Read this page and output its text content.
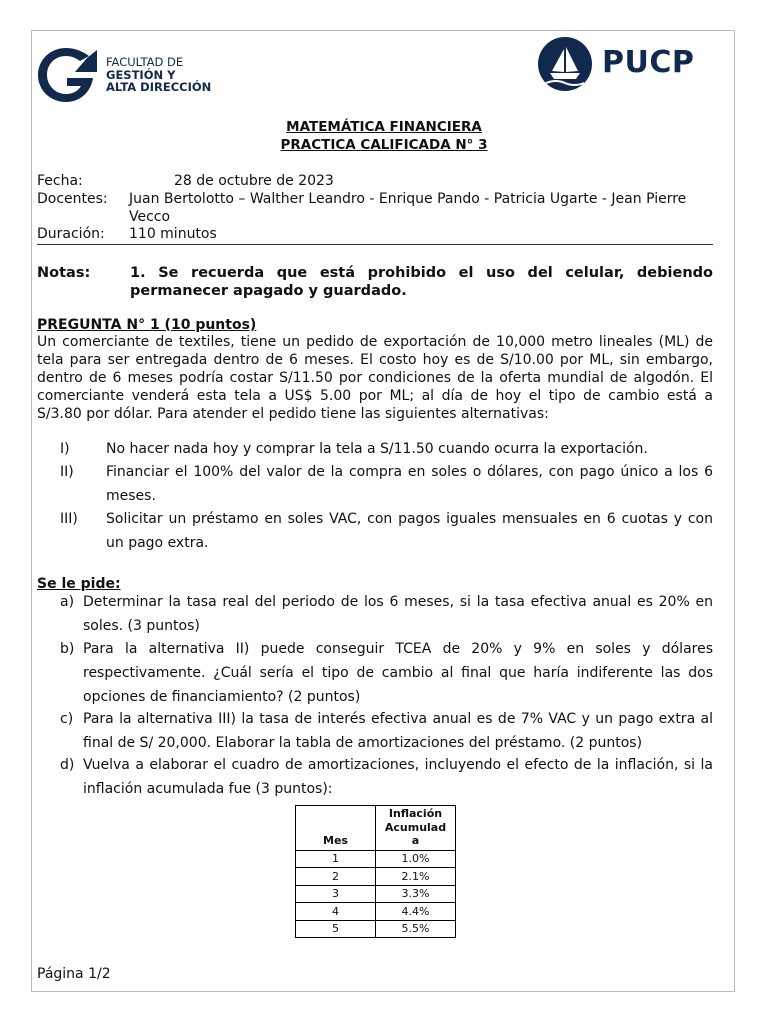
FACULTAD DE
GESTIÓN Y
ALTA DIRECCIÓN
PUCP
MATEMÁTICA FINANCIERA
PRACTICA CALIFICADA N° 3
Fecha:	28 de octubre de 2023
Docentes: Juan Bertolotto – Walther Leandro - Enrique Pando - Patricia Ugarte - Jean Pierre
Vecco
Duración: 110 minutos
Notas:	1. Se recuerda que está prohibido el uso del celular, debiendo
permanecer apagado y guardado.
PREGUNTA N° 1 (10 puntos)
Un comerciante de textiles, tiene un pedido de exportación de 10,000 metro lineales (ML) de
tela para ser entregada dentro de 6 meses. El costo hoy es de S/10.00 por ML, sin embargo,
dentro de 6 meses podría costar S/11.50 por condiciones de la oferta mundial de algodón. El
comerciante venderá esta tela a US$ 5.00 por ML; al día de hoy el tipo de cambio está a
S/3.80 por dólar. Para atender el pedido tiene las siguientes alternativas:
I)	No hacer nada hoy y comprar la tela a S/11.50 cuando ocurra la exportación.
II) Financiar el 100% del valor de la compra en soles o dólares, con pago único a los 6
meses.
III) Solicitar un préstamo en soles VAC, con pagos iguales mensuales en 6 cuotas y con
un pago extra.
Se le pide:
a) Determinar la tasa real del periodo de los 6 meses, si la tasa efectiva anual es 20% en
soles. (3 puntos)
b) Para la alternativa II) puede conseguir TCEA de 20% y 9% en soles y dólares
respectivamente. ¿Cuál sería el tipo de cambio al final que haría indiferente las dos
opciones de financiamiento? (2 puntos)
c) Para la alternativa III) la tasa de interés efectiva anual es de 7% VAC y un pago extra al
final de S/ 20,000. Elaborar la tabla de amortizaciones del préstamo. (2 puntos)
d) Vuelva a elaborar el cuadro de amortizaciones, incluyendo el efecto de la inflación, si la
inflación acumulada fue (3 puntos):
Mes	Inflación
Acumulad
a

1	1.0%
2	2.1%
3	3.3%
4	4.4%
5	5.5%
Página 1/2
